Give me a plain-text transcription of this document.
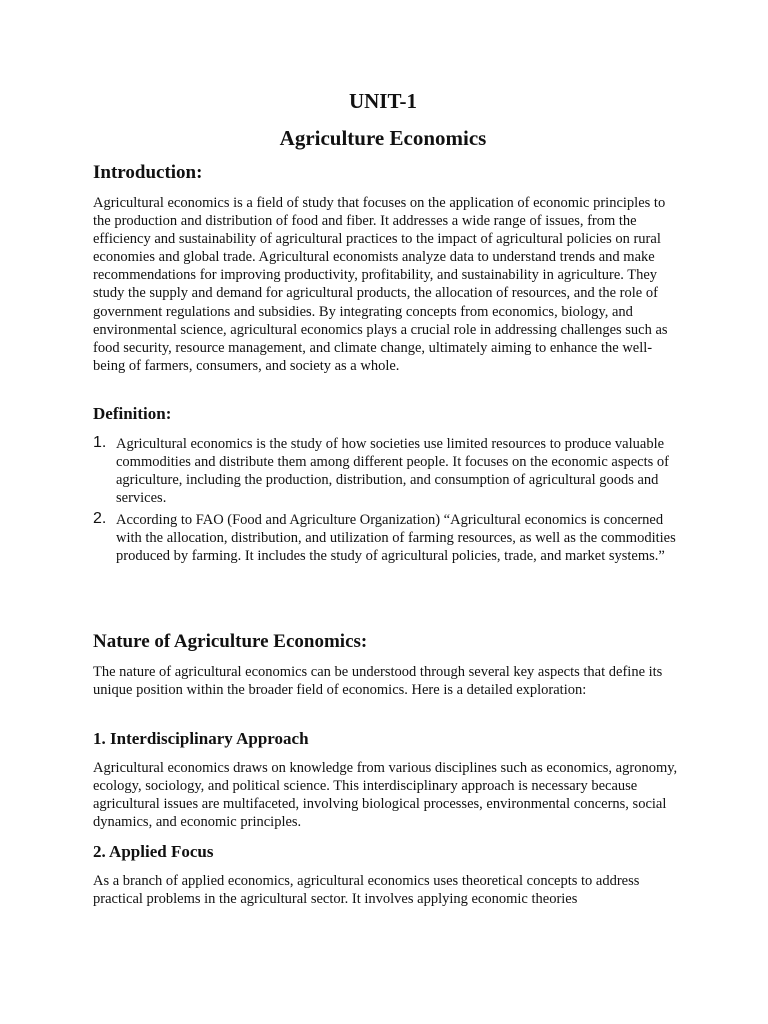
UNIT-1
Agriculture Economics
Introduction:

Agricultural economics is a field of study that focuses on the application of economic principles to the production and distribution of food and fiber. It addresses a wide range of issues, from the efficiency and sustainability of agricultural practices to the impact of agricultural policies on rural economies and global trade. Agricultural economists analyze data to understand trends and make recommendations for improving productivity, profitability, and sustainability in agriculture. They study the supply and demand for agricultural products, the allocation of resources, and the role of government regulations and subsidies. By integrating concepts from economics, biology, and environmental science, agricultural economics plays a crucial role in addressing challenges such as food security, resource management, and climate change, ultimately aiming to enhance the well-being of farmers, consumers, and society as a whole.

Definition:
1. Agricultural economics is the study of how societies use limited resources to produce valuable commodities and distribute them among different people. It focuses on the economic aspects of agriculture, including the production, distribution, and consumption of agricultural goods and services.

2. According to FAO (Food and Agriculture Organization) “Agricultural economics is concerned with the allocation, distribution, and utilization of farming resources, as well as the commodities produced by farming. It includes the study of agricultural policies, trade, and market systems.”

Nature of Agriculture Economics:

The nature of agricultural economics can be understood through several key aspects that define its unique position within the broader field of economics. Here is a detailed exploration:

1. Interdisciplinary Approach

Agricultural economics draws on knowledge from various disciplines such as economics, agronomy, ecology, sociology, and political science. This interdisciplinary approach is necessary because agricultural issues are multifaceted, involving biological processes, environmental concerns, social dynamics, and economic principles.

2. Applied Focus

As a branch of applied economics, agricultural economics uses theoretical concepts to address practical problems in the agricultural sector. It involves applying economic theories
